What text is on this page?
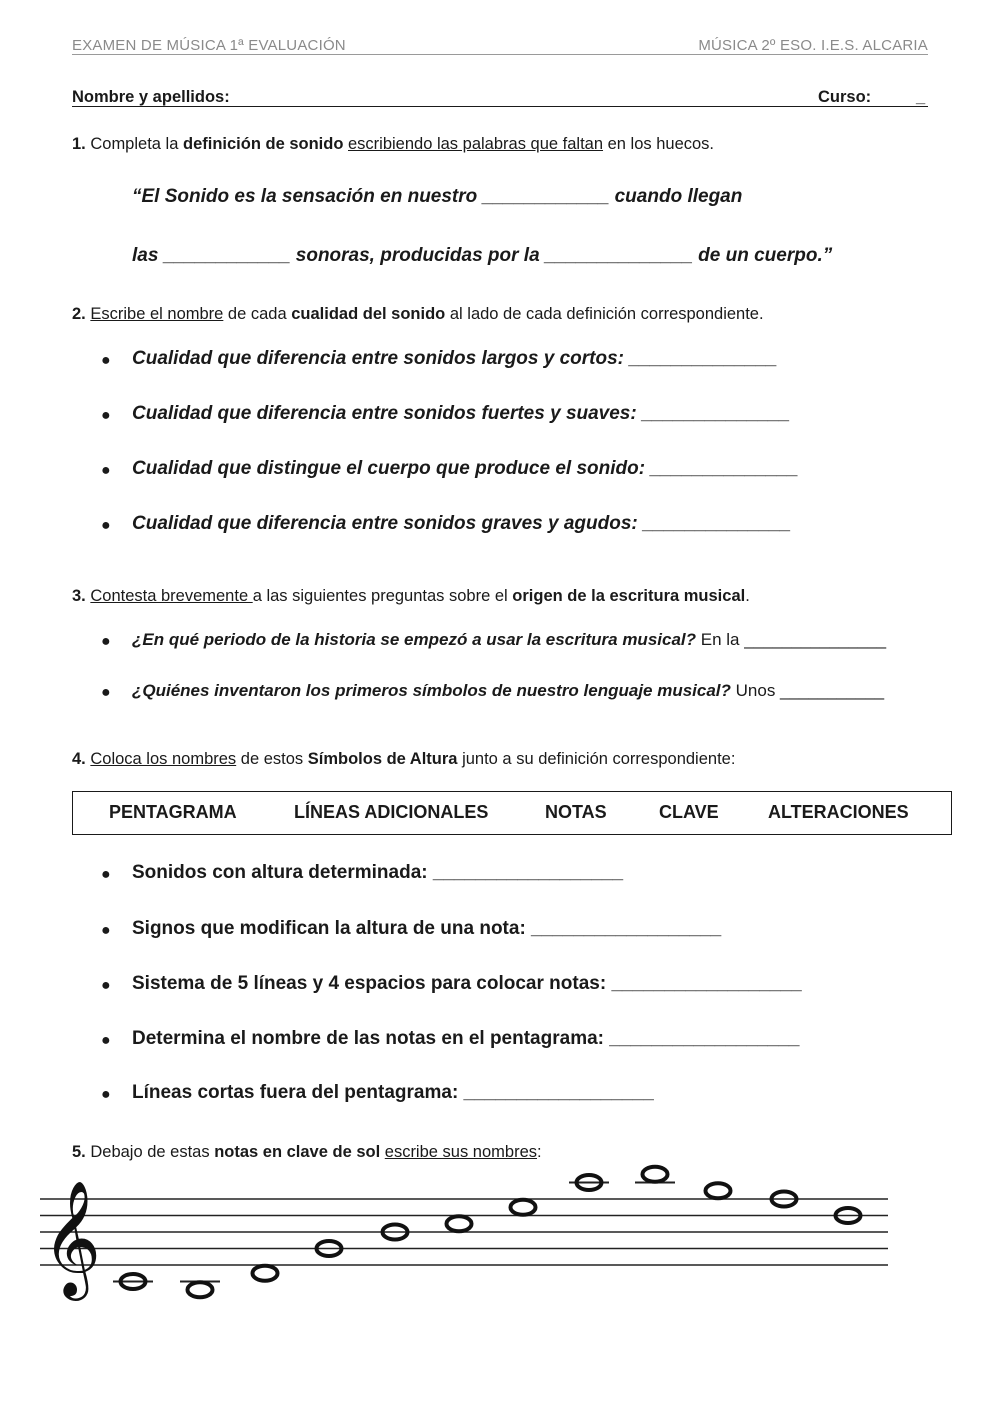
EXAMEN DE MÚSICA 1ª EVALUACIÓN	MÚSICA 2º ESO. I.E.S. ALCARIA
Nombre y apellidos:	Curso:	_
1. Completa la definición de sonido escribiendo las palabras que faltan en los huecos.
“El Sonido es la sensación en nuestro ____________ cuando llegan
las ____________ sonoras, producidas por la ______________ de un cuerpo.”
2. Escribe el nombre de cada cualidad del sonido al lado de cada definición correspondiente.
● Cualidad que diferencia entre sonidos largos y cortos: ______________
● Cualidad que diferencia entre sonidos fuertes y suaves: ______________
● Cualidad que distingue el cuerpo que produce el sonido: ______________
● Cualidad que diferencia entre sonidos graves y agudos: ______________
3. Contesta brevemente a las siguientes preguntas sobre el origen de la escritura musical.
● ¿En qué periodo de la historia se empezó a usar la escritura musical? En la _______________
● ¿Quiénes inventaron los primeros símbolos de nuestro lenguaje musical? Unos ___________
4. Coloca los nombres de estos Símbolos de Altura junto a su definición correspondiente:
PENTAGRAMA	LÍNEAS ADICIONALES	NOTAS	CLAVE	ALTERACIONES
● Sonidos con altura determinada: __________________
● Signos que modifican la altura de una nota: __________________
● Sistema de 5 líneas y 4 espacios para colocar notas: __________________
● Determina el nombre de las notas en el pentagrama: __________________
● Líneas cortas fuera del pentagrama: __________________
5. Debajo de estas notas en clave de sol escribe sus nombres:
𝄞
